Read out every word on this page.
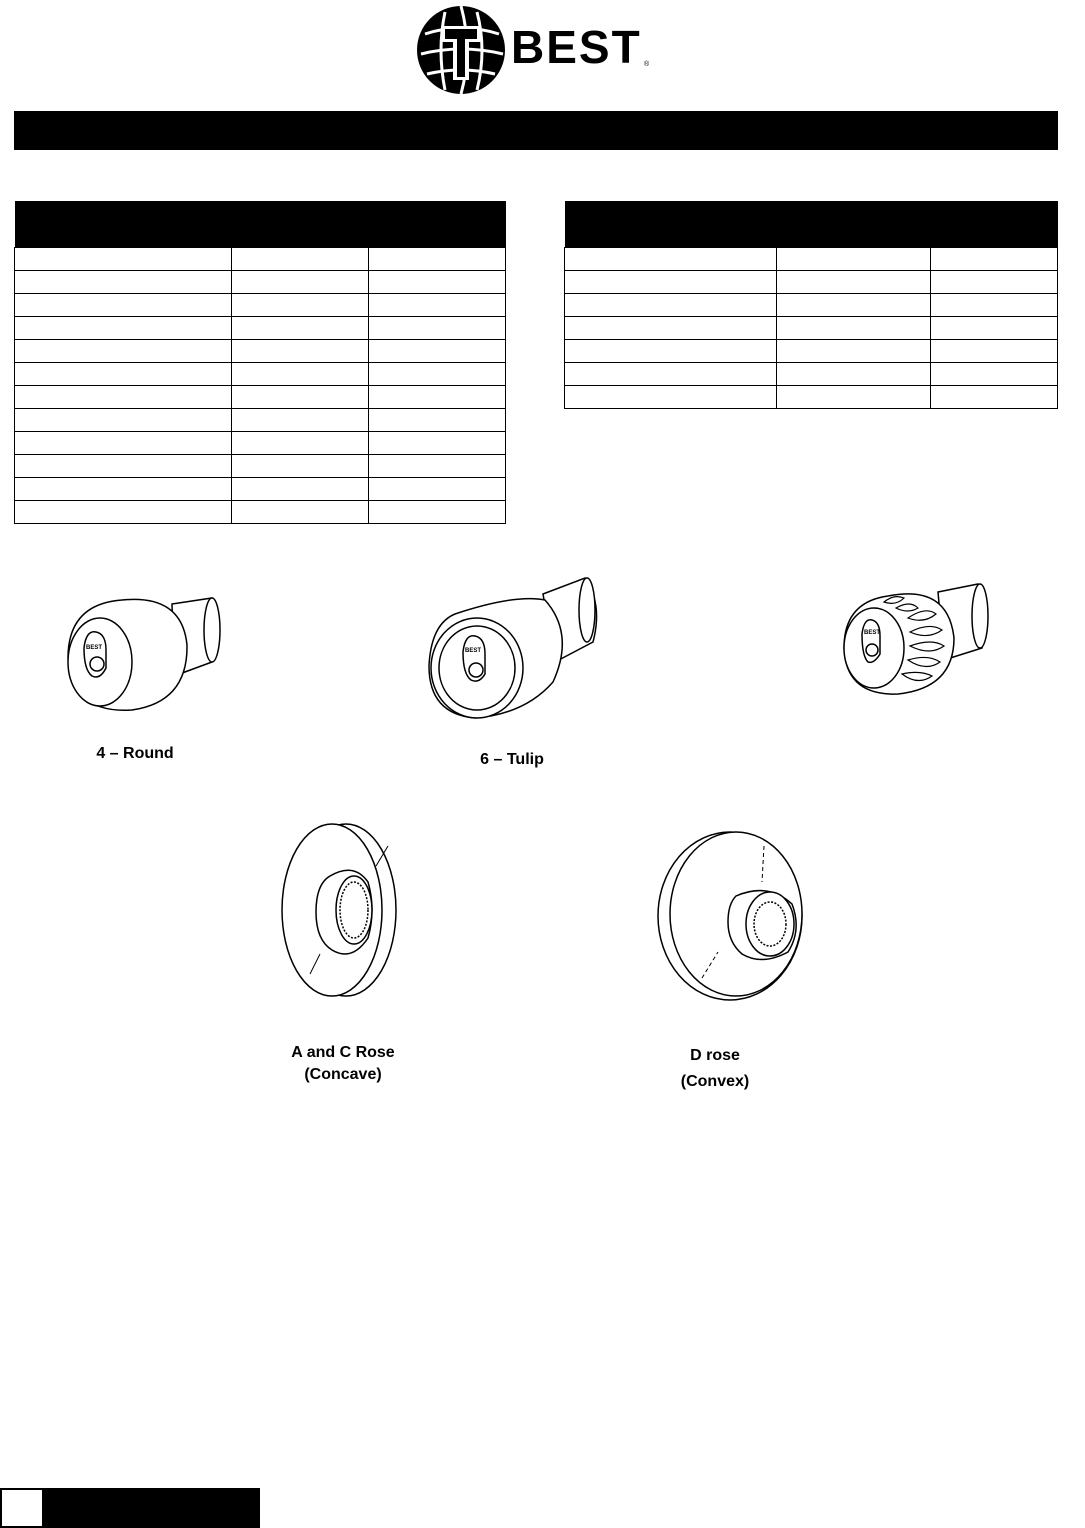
BEST ®

BEST
4 – Round
BEST
6 – Tulip
BEST
A and C Rose
(Concave)
D rose
(Convex)
